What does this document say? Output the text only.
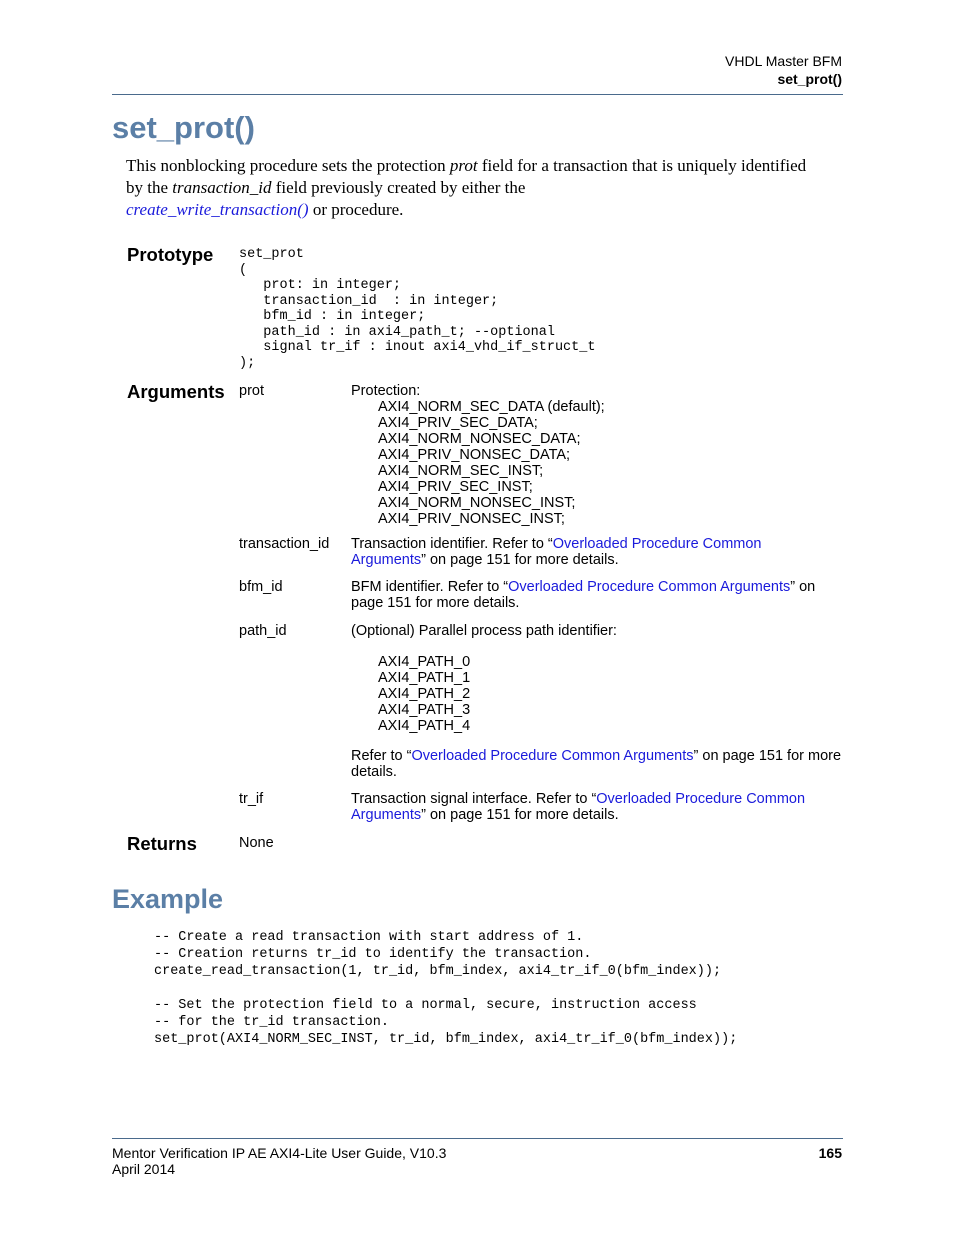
VHDL Master BFM
set_prot()
set_prot()
This nonblocking procedure sets the protection prot field for a transaction that is uniquely identified by the transaction_id field previously created by either the
create_write_transaction() or procedure.
Prototype set_prot
(
prot: in integer;
transaction_id  : in integer;
bfm_id : in integer;
path_id : in axi4_path_t; --optional
signal tr_if : inout axi4_vhd_if_struct_t
);
Arguments prot	Protection:
AXI4_NORM_SEC_DATA (default);
AXI4_PRIV_SEC_DATA;
AXI4_NORM_NONSEC_DATA;
AXI4_PRIV_NONSEC_DATA;
AXI4_NORM_SEC_INST;
AXI4_PRIV_SEC_INST;
AXI4_NORM_NONSEC_INST;
AXI4_PRIV_NONSEC_INST;
transaction_id Transaction identifier. Refer to “Overloaded Procedure Common Arguments” on page 151 for more details.
bfm_id	BFM identifier. Refer to “Overloaded Procedure Common Arguments” on page 151 for more details.
path_id	(Optional) Parallel process path identifier:
AXI4_PATH_0
AXI4_PATH_1
AXI4_PATH_2
AXI4_PATH_3
AXI4_PATH_4
Refer to “Overloaded Procedure Common Arguments” on page 151 for more details.
tr_if	Transaction signal interface. Refer to “Overloaded Procedure Common Arguments” on page 151 for more details.
Returns	None
Example
-- Create a read transaction with start address of 1.
-- Creation returns tr_id to identify the transaction.
create_read_transaction(1, tr_id, bfm_index, axi4_tr_if_0(bfm_index));

-- Set the protection field to a normal, secure, instruction access
-- for the tr_id transaction.
set_prot(AXI4_NORM_SEC_INST, tr_id, bfm_index, axi4_tr_if_0(bfm_index));
Mentor Verification IP AE AXI4-Lite User Guide, V10.3
April 2014
165
